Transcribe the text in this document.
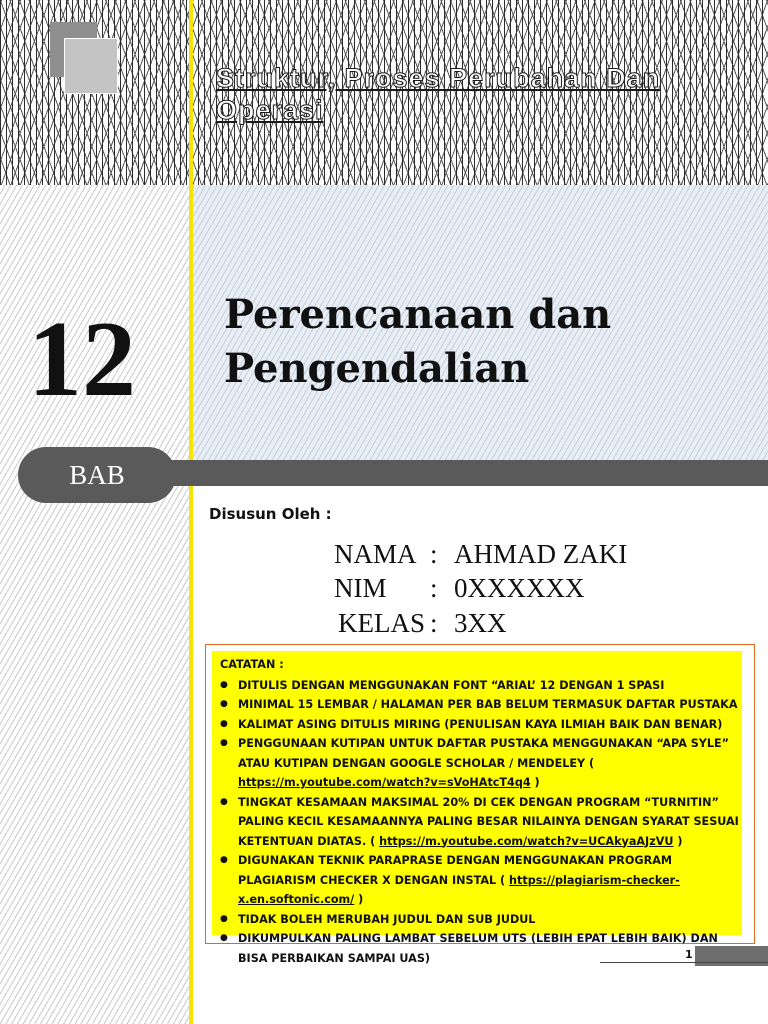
Struktur, Proses Perubahan Dan Operasi
12 Perencanaan dan
Pengendalian
BAB
Disusun Oleh :
NAMA : AHMAD ZAKI
NIM : 0XXXXXX
KELAS : 3XX
CATATAN :
● DITULIS DENGAN MENGGUNAKAN FONT “ARIAL’ 12 DENGAN 1 SPASI
● MINIMAL 15 LEMBAR / HALAMAN PER BAB BELUM TERMASUK DAFTAR PUSTAKA
● KALIMAT ASING DITULIS MIRING (PENULISAN KAYA ILMIAH BAIK DAN BENAR)
● PENGGUNAAN KUTIPAN UNTUK DAFTAR PUSTAKA MENGGUNAKAN “APA SYLE” ATAU KUTIPAN DENGAN GOOGLE SCHOLAR / MENDELEY ( https://m.youtube.com/watch?v=sVoHAtcT4q4 )
● TINGKAT KESAMAAN MAKSIMAL 20% DI CEK DENGAN PROGRAM “TURNITIN” PALING KECIL KESAMAANNYA PALING BESAR NILAINYA DENGAN SYARAT SESUAI KETENTUAN DIATAS. ( https://m.youtube.com/watch?v=UCAkyaAJzVU )
● DIGUNAKAN TEKNIK PARAPRASE DENGAN MENGGUNAKAN PROGRAM PLAGIARISM CHECKER X DENGAN INSTAL ( https://plagiarism-checker-x.en.softonic.com/ )
● TIDAK BOLEH MERUBAH JUDUL DAN SUB JUDUL
● DIKUMPULKAN PALING LAMBAT SEBELUM UTS (LEBIH EPAT LEBIH BAIK) DAN BISA PERBAIKAN SAMPAI UAS)	1
